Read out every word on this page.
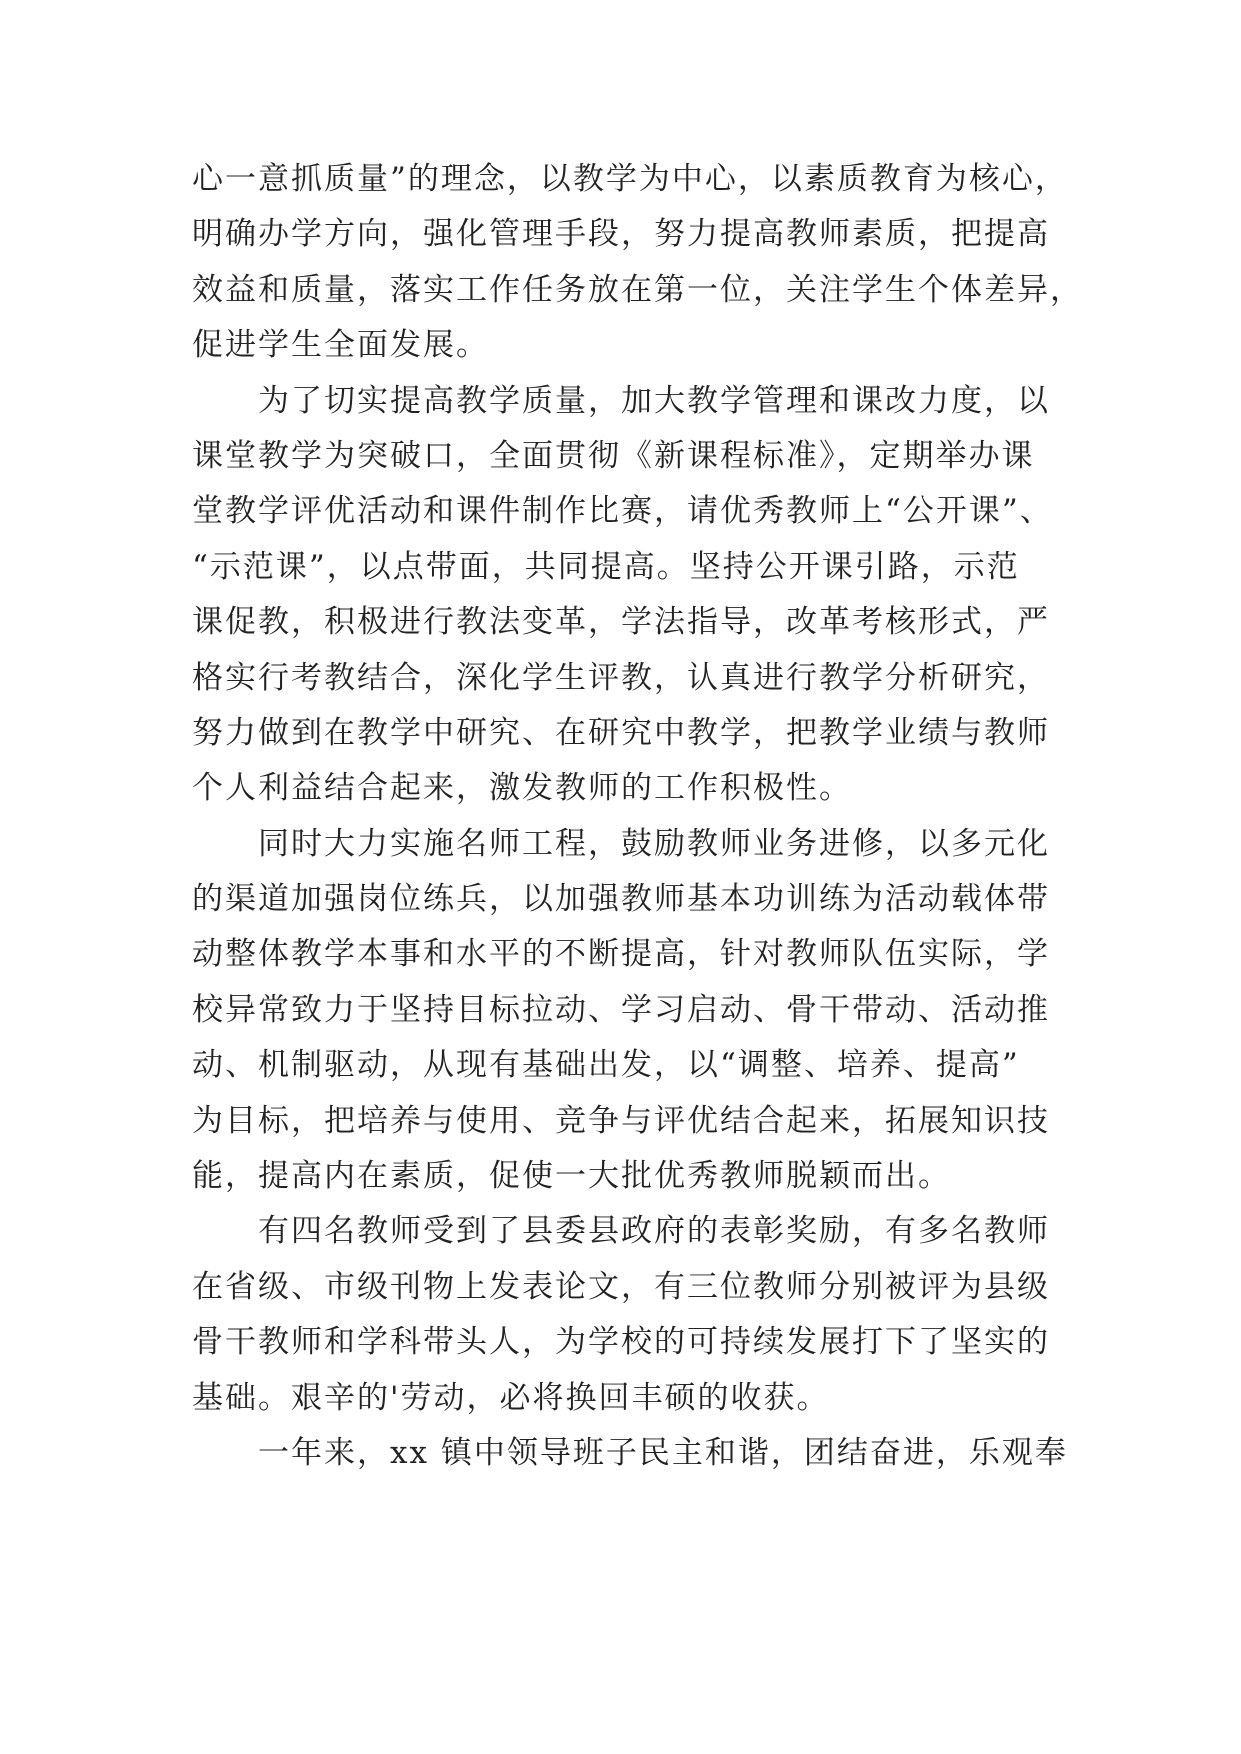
心一意抓质量”的理念，以教学为中心，以素质教育为核心，
明确办学方向，强化管理手段，努力提高教师素质，把提高
效益和质量，落实工作任务放在第一位，关注学生个体差异，
促进学生全面发展。
为了切实提高教学质量，加大教学管理和课改力度，以
课堂教学为突破口，全面贯彻《新课程标准》，定期举办课
堂教学评优活动和课件制作比赛，请优秀教师上“公开课”、
“示范课”，以点带面，共同提高。坚持公开课引路，示范
课促教，积极进行教法变革，学法指导，改革考核形式，严
格实行考教结合，深化学生评教，认真进行教学分析研究，
努力做到在教学中研究、在研究中教学，把教学业绩与教师
个人利益结合起来，激发教师的工作积极性。
同时大力实施名师工程，鼓励教师业务进修，以多元化
的渠道加强岗位练兵，以加强教师基本功训练为活动载体带
动整体教学本事和水平的不断提高，针对教师队伍实际，学
校异常致力于坚持目标拉动、学习启动、骨干带动、活动推
动、机制驱动，从现有基础出发，以“调整、培养、提高”
为目标，把培养与使用、竞争与评优结合起来，拓展知识技
能，提高内在素质，促使一大批优秀教师脱颖而出。
有四名教师受到了县委县政府的表彰奖励，有多名教师
在省级、市级刊物上发表论文，有三位教师分别被评为县级
骨干教师和学科带头人，为学校的可持续发展打下了坚实的
基础。艰辛的'劳动，必将换回丰硕的收获。
一年来，xx 镇中领导班子民主和谐，团结奋进，乐观奉
